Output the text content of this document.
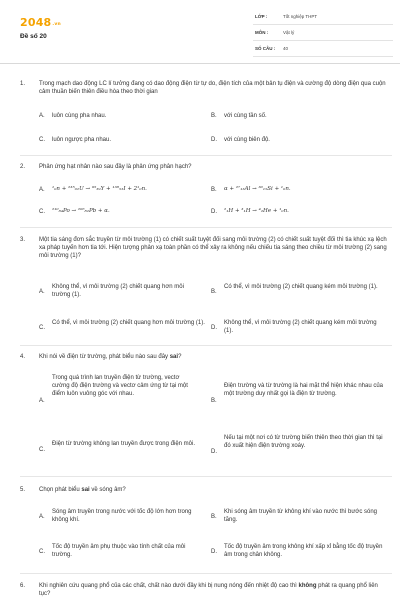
2048.vn
Đề số 20
LỚP :	Tốt nghiệp THPT
MÔN :	Vật lý
SỐ CÂU : 40
1. Trong mạch dao động LC lí tưởng đang có dao động điện từ tự do, điện tích của một bản tụ điện và cường độ dòng điện qua cuộn cảm thuần biến thiên điều hòa theo thời gian
A. luôn cùng pha nhau.	B. với cùng tần số.
C. luôn ngược pha nhau.	D. với cùng biên độ.
2. Phản ứng hạt nhân nào sau đây là phản ứng phân hạch?
A. ¹₀n + ²³⁵₉₂U → ⁹⁵₃₉Y + ¹³⁸₅₃I + 2¹₀n.	B. α + ²⁷₁₃Al → ³⁰₁₅Si + ¹₀n.
C. ²¹⁰₈₄Po → ²⁰⁶₈₂Pb + α.	D. ²₁H + ³₁H → ⁴₂He + ¹₀n.
3. Một tia sáng đơn sắc truyền từ môi trường (1) có chiết suất tuyệt đối sang môi trường (2) có chiết suất tuyệt đối thì tia khúc xạ lệch xa pháp tuyến hơn tia tới. Hiện tượng phản xạ toàn phần có thể xảy ra không nếu chiếu tia sáng theo chiều từ môi trường (2) sang môi trường (1)?
A.
Không thể, vì môi trường (2) chiết quang hơn môi trường (1).
B.
Có thể, vì môi trường (2) chiết quang kém môi trường (1).
C.
Có thể, vì môi trường (2) chiết quang hơn môi trường (1).
D.
Không thể, vì môi trường (2) chiết quang kém môi trường (1).
4. Khi nói về điện từ trường, phát biểu nào sau đây sai?
A.
Trong quá trình lan truyền điện từ trường, vectơ cường độ điện trường và vectơ cảm ứng từ tại một điểm luôn vuông góc với nhau.
B.
Điện trường và từ trường là hai mặt thể hiện khác nhau của một trường duy nhất gọi là điện từ trường.
C.
Điện từ trường không lan truyền được trong điện môi.
D.
Nếu tại một nơi có từ trường biến thiên theo thời gian thì tại đó xuất hiện điện trường xoáy.
5. Chọn phát biểu sai về sóng âm?
A.
Sóng âm truyền trong nước với tốc độ lớn hơn trong không khí.
B.
Khi sóng âm truyền từ không khí vào nước thì bước sóng tăng.
C.
Tốc độ truyền âm phụ thuộc vào tính chất của môi trường.
D.
Tốc độ truyền âm trong không khí xấp xỉ bằng tốc độ truyền âm trong chân không.
6. Khi nghiên cứu quang phổ của các chất, chất nào dưới đây khi bị nung nóng đến nhiệt độ cao thì không phát ra quang phổ liên tục?
